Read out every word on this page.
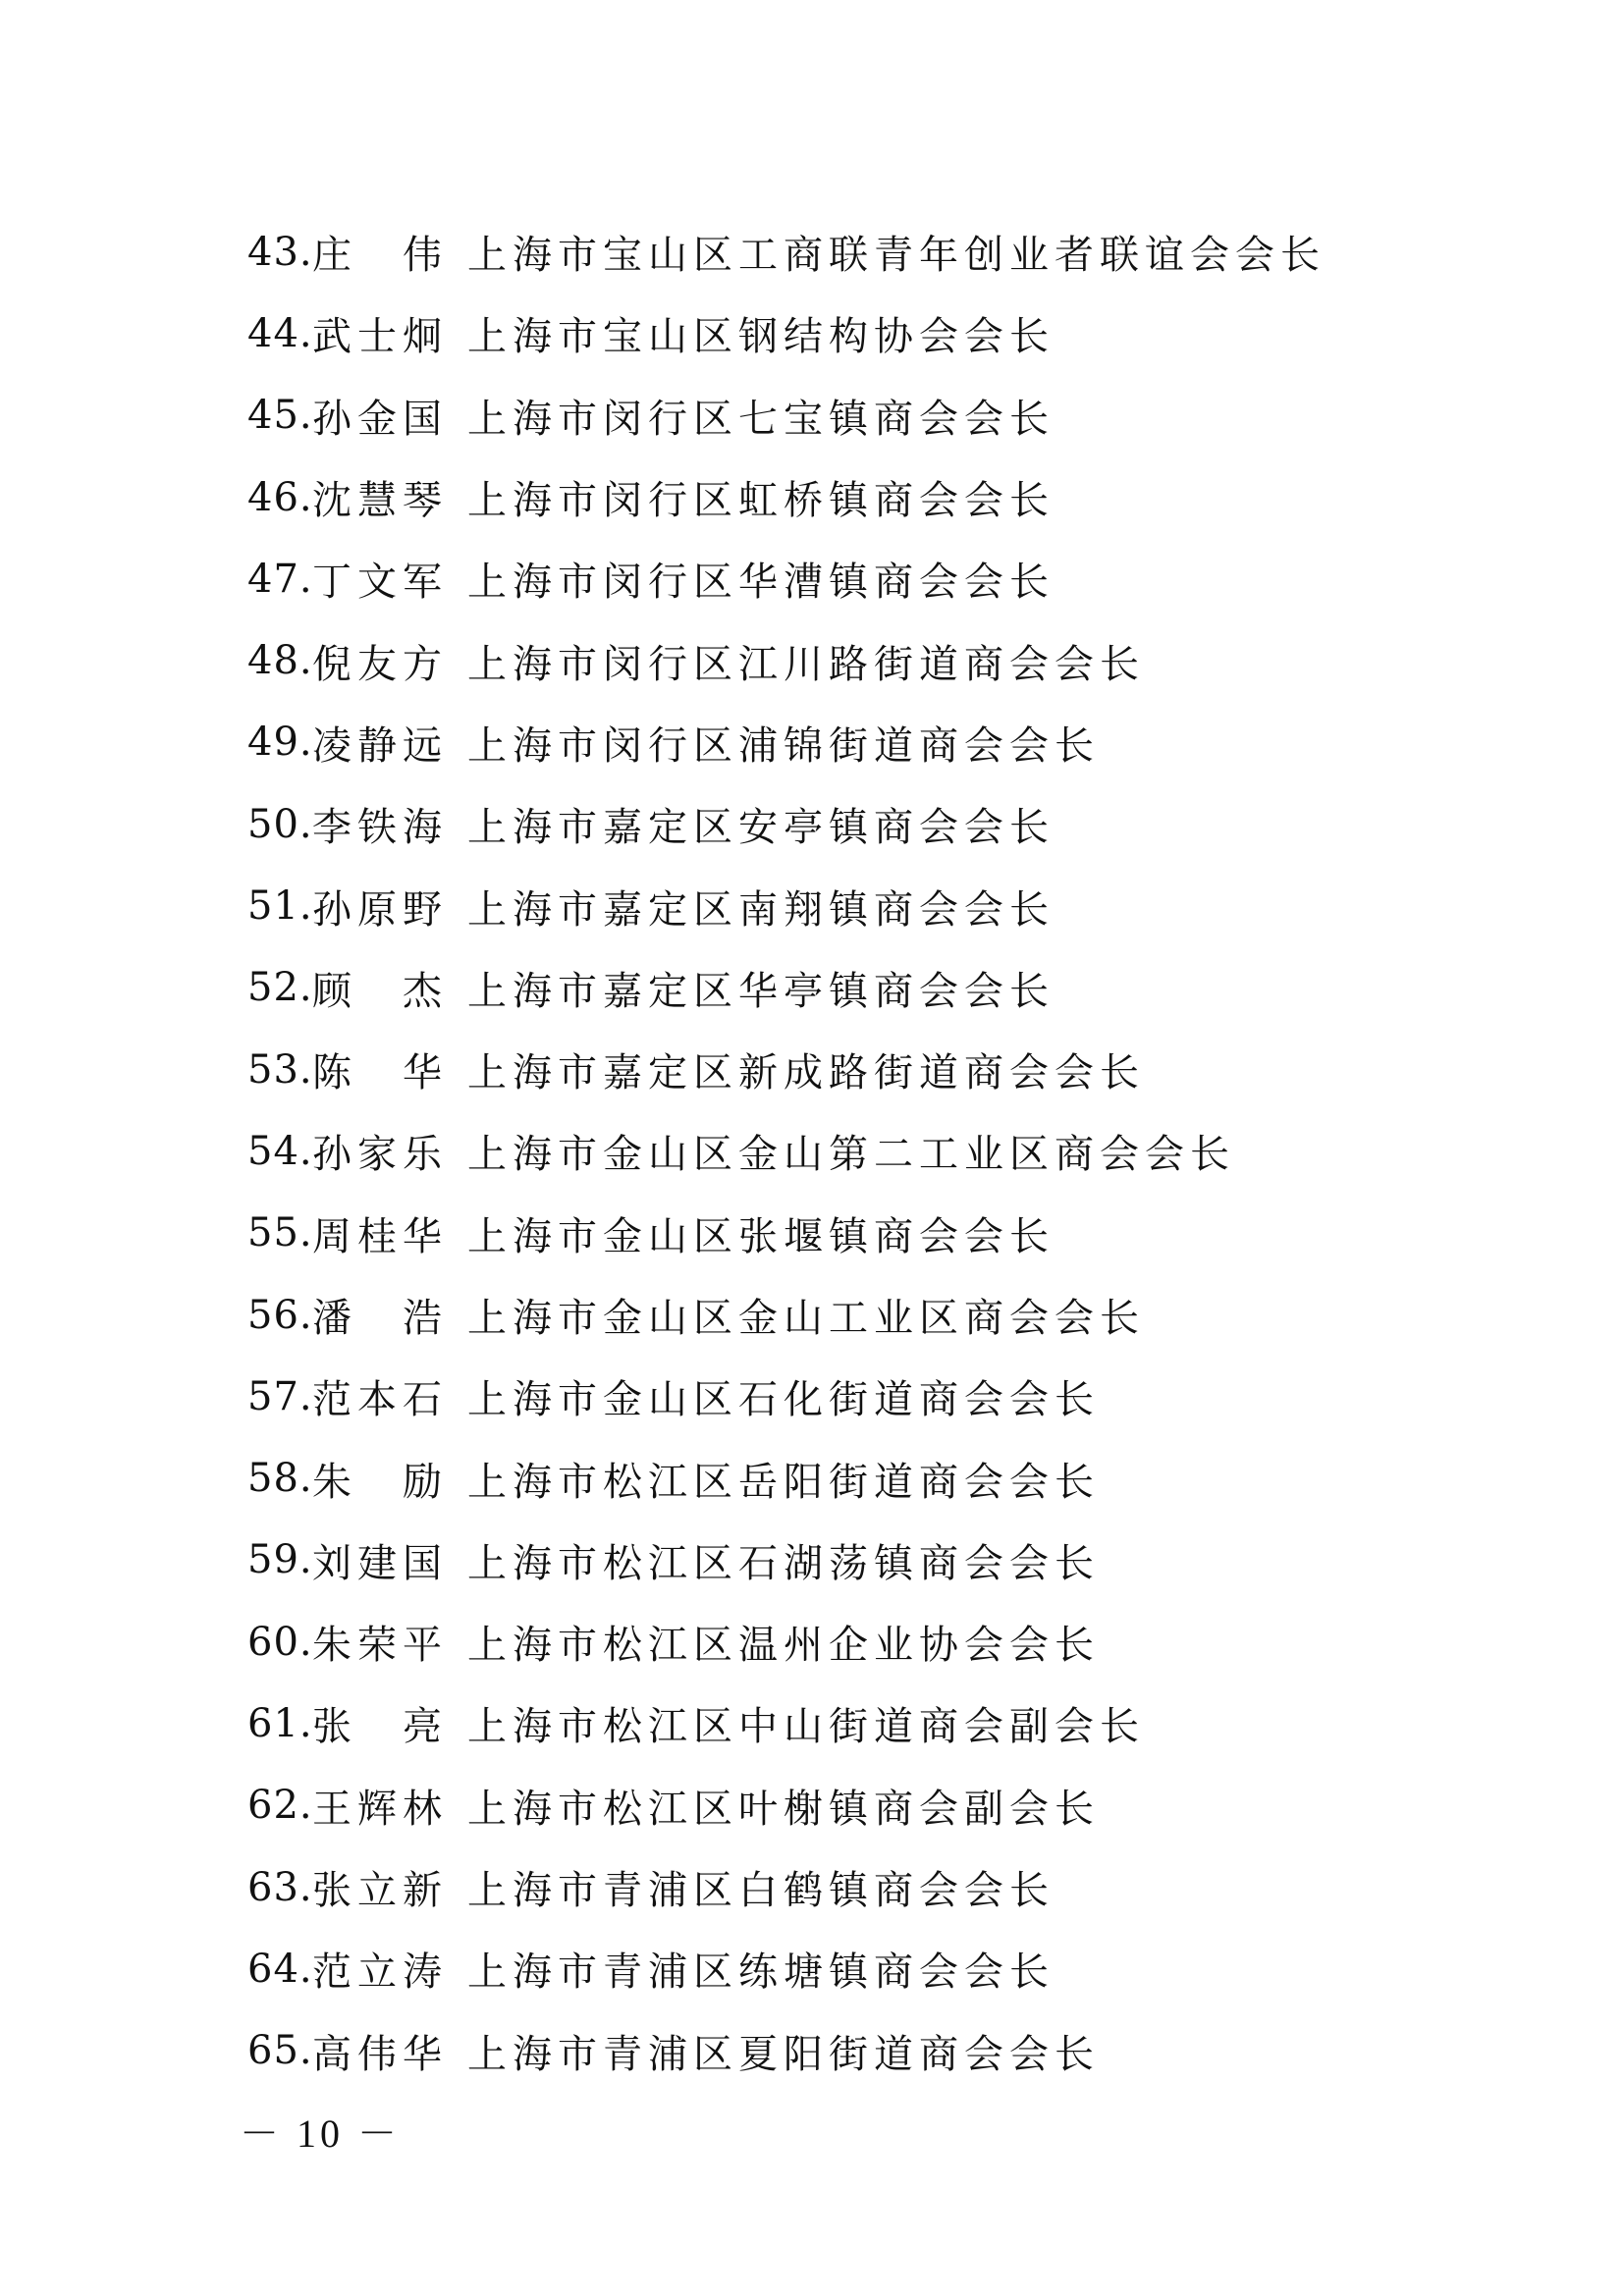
43. 庄　伟 上海市宝山区工商联青年创业者联谊会会长
44. 武士炯 上海市宝山区钢结构协会会长
45. 孙金国 上海市闵行区七宝镇商会会长
46. 沈慧琴 上海市闵行区虹桥镇商会会长
47. 丁文军 上海市闵行区华漕镇商会会长
48. 倪友方 上海市闵行区江川路街道商会会长
49. 凌静远 上海市闵行区浦锦街道商会会长
50. 李铁海 上海市嘉定区安亭镇商会会长
51. 孙原野 上海市嘉定区南翔镇商会会长
52. 顾　杰 上海市嘉定区华亭镇商会会长
53. 陈　华 上海市嘉定区新成路街道商会会长
54. 孙家乐 上海市金山区金山第二工业区商会会长
55. 周桂华 上海市金山区张堰镇商会会长
56. 潘　浩 上海市金山区金山工业区商会会长
57. 范本石 上海市金山区石化街道商会会长
58. 朱　励 上海市松江区岳阳街道商会会长
59. 刘建国 上海市松江区石湖荡镇商会会长
60. 朱荣平 上海市松江区温州企业协会会长
61. 张　亮 上海市松江区中山街道商会副会长
62. 王辉林 上海市松江区叶榭镇商会副会长
63. 张立新 上海市青浦区白鹤镇商会会长
64. 范立涛 上海市青浦区练塘镇商会会长
65. 高伟华 上海市青浦区夏阳街道商会会长
－ 10 －
